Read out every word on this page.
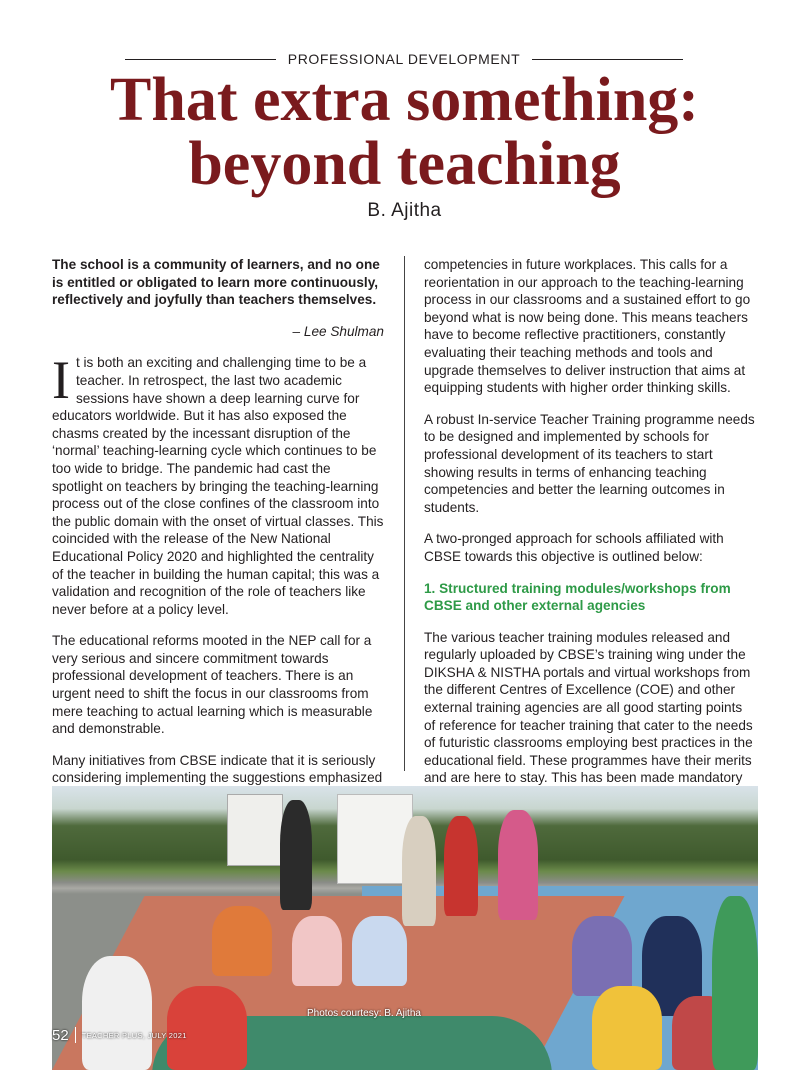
PROFESSIONAL DEVELOPMENT
That extra something:
beyond teaching
B. Ajitha

The school is a community of learners, and no one is entitled or obligated to learn more continuously, reflectively and joyfully than teachers themselves.

– Lee Shulman

It is both an exciting and challenging time to be a teacher. In retrospect, the last two academic sessions have shown a deep learning curve for educators worldwide. But it has also exposed the chasms created by the incessant disruption of the ‘normal’ teaching-learning cycle which continues to be too wide to bridge. The pandemic had cast the spotlight on teachers by bringing the teaching-learning process out of the close confines of the classroom into the public domain with the onset of virtual classes. This coincided with the release of the New National Educational Policy 2020 and highlighted the centrality of the teacher in building the human capital; this was a validation and recognition of the role of teachers like never before at a policy level.

The educational reforms mooted in the NEP call for a very serious and sincere commitment towards professional development of teachers. There is an urgent need to shift the focus in our classrooms from mere teaching to actual learning which is measurable and demonstrable.

Many initiatives from CBSE indicate that it is seriously considering implementing the suggestions emphasized

competencies in future workplaces. This calls for a reorientation in our approach to the teaching-learning process in our classrooms and a sustained effort to go beyond what is now being done. This means teachers have to become reflective practitioners, constantly evaluating their teaching methods and tools and upgrade themselves to deliver instruction that aims at equipping students with higher order thinking skills.

A robust In-service Teacher Training programme needs to be designed and implemented by schools for professional development of its teachers to start showing results in terms of enhancing teaching competencies and better the learning outcomes in students.

A two-pronged approach for schools affiliated with CBSE towards this objective is outlined below:

1. Structured training modules/workshops from CBSE and other external agencies

The various teacher training modules released and regularly uploaded by CBSE’s training wing under the DIKSHA & NISTHA portals and virtual workshops from the different Centres of Excellence (COE) and other external training agencies are all good starting points of reference for teacher training that cater to the needs of futuristic classrooms employing best practices in the educational field. These programmes have their merits and are here to stay. This has been made mandatory

Photos courtesy: B. Ajitha
52 TEACHER PLUS, JULY 2021
